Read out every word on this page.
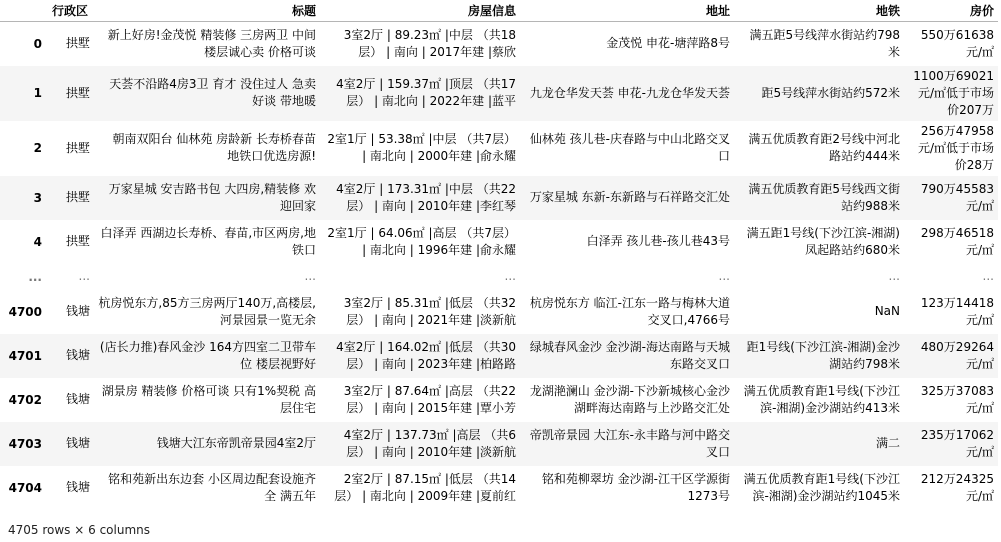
	行政区	标题	房屋信息	地址	地铁	房价
0	拱墅	新上好房!金茂悦 精装修 三房两卫 中间楼层诚心卖 价格可谈	3室2厅 | 89.23㎡ |中层 （共18层） | 南向 | 2017年建 |蔡欣	金茂悦 申花-塘萍路8号	满五距5号线萍水街站约798米	550万61638元/㎡
1	拱墅	天荟不沿路4房3卫 育才 没住过人 急卖好谈 带地暖	4室2厅 | 159.37㎡ |顶层 （共17层） | 南北向 | 2022年建 |蓝平	九龙仓华发天荟 申花-九龙仓华发天荟	距5号线萍水街站约572米	1100万69021元/㎡低于市场价207万
2	拱墅	朝南双阳台 仙林苑 房龄新 长寿桥春苗 地铁口优选房源!	2室1厅 | 53.38㎡ |中层 （共7层） | 南北向 | 2000年建 |俞永耀	仙林苑 孩儿巷-庆春路与中山北路交叉口	满五优质教育距2号线中河北路站约444米	256万47958元/㎡低于市场价28万
3	拱墅	万家星城 安吉路书包 大四房,精装修 欢迎回家	4室2厅 | 173.31㎡ |中层 （共22层） | 南向 | 2010年建 |李红琴	万家星城 东新-东新路与石祥路交汇处	满五优质教育距5号线西文街站约988米	790万45583元/㎡
4	拱墅	白泽弄 西湖边长寿桥、春苗,市区两房,地铁口	2室1厅 | 64.06㎡ |高层 （共7层） | 南北向 | 1996年建 |俞永耀	白泽弄 孩儿巷-孩儿巷43号	满五距1号线(下沙江滨-湘湖)凤起路站约680米	298万46518元/㎡
...	...	...	...	...	...	...
4700	钱塘	杭房悦东方,85方三房两厅140万,高楼层,河景园景一览无余	3室2厅 | 85.31㎡ |低层 （共32层） | 南向 | 2021年建 |淡新航	杭房悦东方 临江-江东一路与梅林大道交叉口,4766号	NaN	123万14418元/㎡
4701	钱塘	(店长力推)春风金沙 164方四室二卫带车位 楼层视野好	4室2厅 | 164.02㎡ |低层 （共30层） | 南向 | 2023年建 |柏路路	绿城春风金沙 金沙湖-海达南路与天城东路交叉口	距1号线(下沙江滨-湘湖)金沙湖站约798米	480万29264元/㎡
4702	钱塘	湖景房 精装修 价格可谈 只有1%契税 高层住宅	3室2厅 | 87.64㎡ |高层 （共22层） | 南向 | 2015年建 |覃小芳	龙湖滟澜山 金沙湖-下沙新城核心金沙湖畔海达南路与上沙路交汇处	满五优质教育距1号线(下沙江滨-湘湖)金沙湖站约413米	325万37083元/㎡
4703	钱塘	钱塘大江东帝凯帝景园4室2厅	4室2厅 | 137.73㎡ |高层 （共6层） | 南向 | 2010年建 |淡新航	帝凯帝景园 大江东-永丰路与河中路交叉口	满二	235万17062元/㎡
4704	钱塘	铭和苑新出东边套 小区周边配套设施齐全 满五年	2室2厅 | 87.15㎡ |低层 （共14层） | 南北向 | 2009年建 |夏前红	铭和苑柳翠坊 金沙湖-江干区学源街1273号	满五优质教育距1号线(下沙江滨-湘湖)金沙湖站约1045米	212万24325元/㎡
4705 rows × 6 columns
